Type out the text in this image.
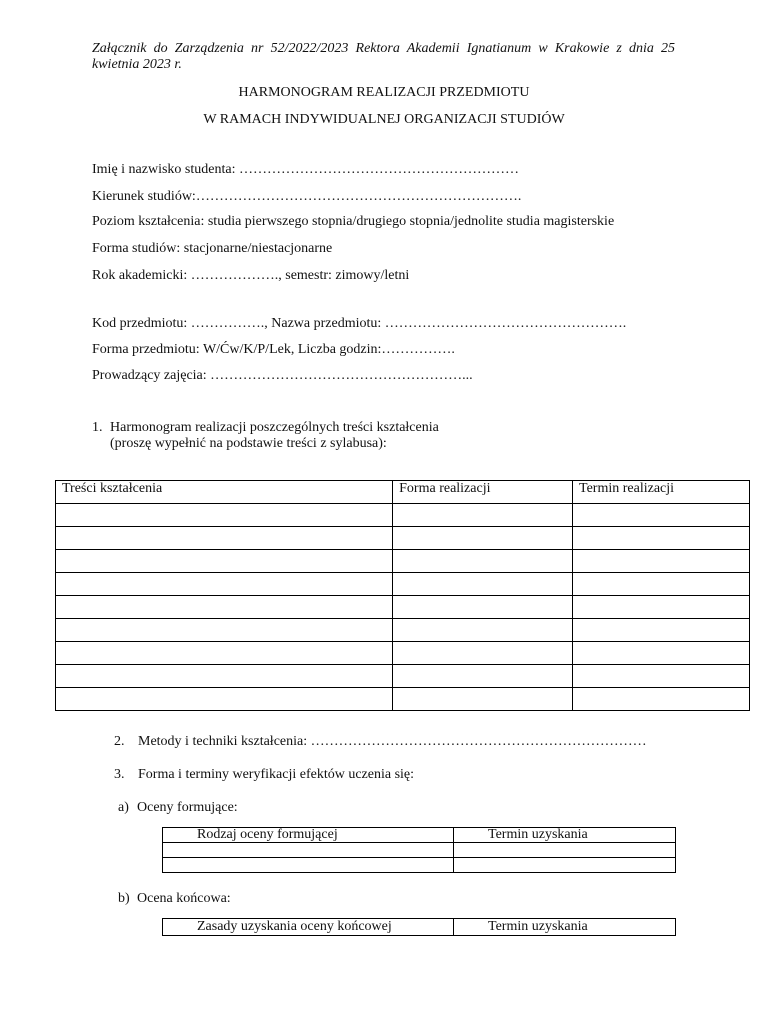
Załącznik do Zarządzenia nr 52/2022/2023 Rektora Akademii Ignatianum w Krakowie z dnia 25 kwietnia 2023 r.
HARMONOGRAM REALIZACJI PRZEDMIOTU
W RAMACH INDYWIDUALNEJ ORGANIZACJI STUDIÓW
Imię i nazwisko studenta: ……………………………………………………
Kierunek studiów:…………………………………………………………….
Poziom kształcenia: studia pierwszego stopnia/drugiego stopnia/jednolite studia magisterskie
Forma studiów: stacjonarne/niestacjonarne
Rok akademicki: ………………., semestr: zimowy/letni
Kod przedmiotu: ……………., Nazwa przedmiotu: …………………………………………….
Forma przedmiotu: W/Ćw/K/P/Lek, Liczba godzin:…………….
Prowadzący zajęcia: ………………………………………………...
1. Harmonogram realizacji poszczególnych treści kształcenia
(proszę wypełnić na podstawie treści z sylabusa):
Treści kształcenia	Forma realizacji	Termin realizacji

2. Metody i techniki kształcenia: ………………………………………………………………
3. Forma i terminy weryfikacji efektów uczenia się:
a) Oceny formujące:
Rodzaj oceny formującej	Termin uzyskania

b) Ocena końcowa:
Zasady uzyskania oceny końcowej	Termin uzyskania
